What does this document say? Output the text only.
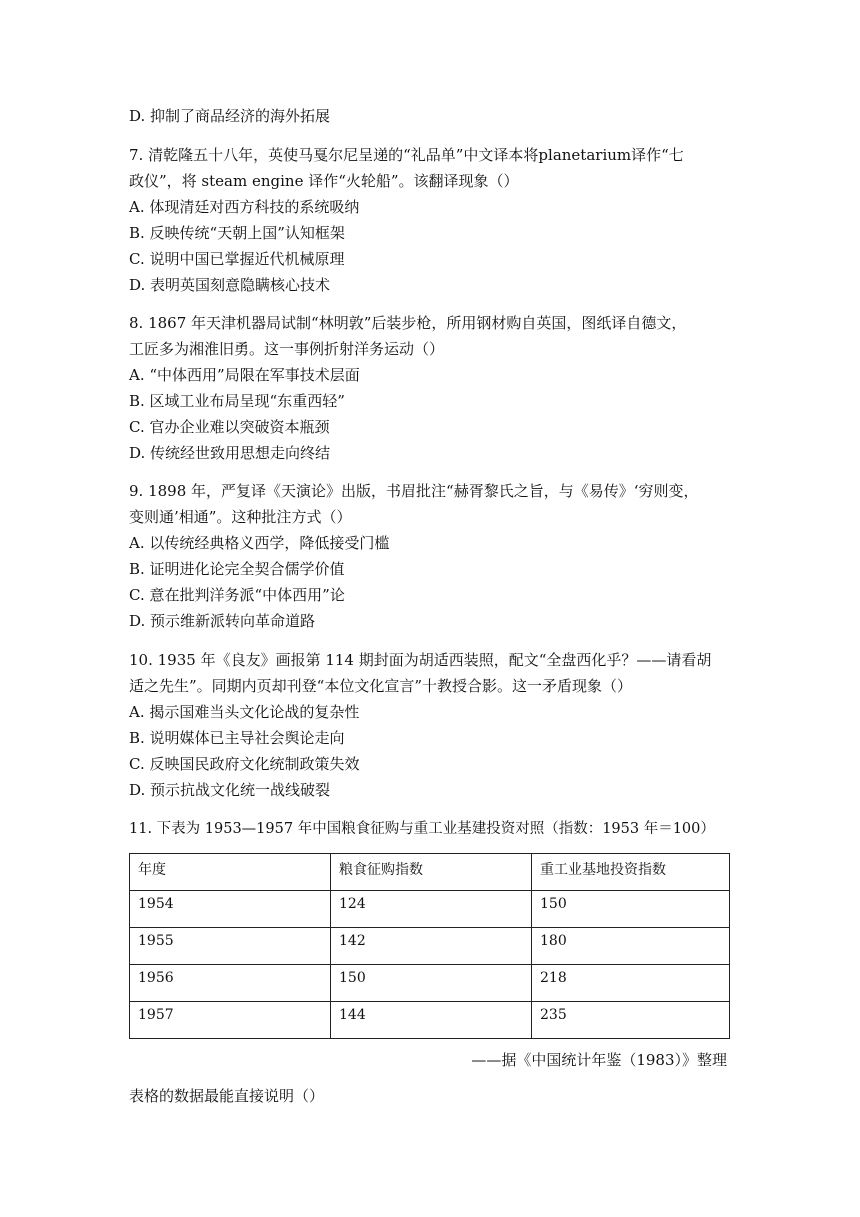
D. 抑制了商品经济的海外拓展
7. 清乾隆五十八年，英使马戛尔尼呈递的“礼品单”中文译本将planetarium译作“七
政仪”，将 steam engine 译作“火轮船”。该翻译现象（）
A. 体现清廷对西方科技的系统吸纳
B. 反映传统“天朝上国”认知框架
C. 说明中国已掌握近代机械原理
D. 表明英国刻意隐瞒核心技术
8. 1867 年天津机器局试制“林明敦”后装步枪，所用钢材购自英国，图纸译自德文，
工匠多为湘淮旧勇。这一事例折射洋务运动（）
A. “中体西用”局限在军事技术层面
B. 区域工业布局呈现“东重西轻”
C. 官办企业难以突破资本瓶颈
D. 传统经世致用思想走向终结
9. 1898 年，严复译《天演论》出版，书眉批注“赫胥黎氏之旨，与《易传》‘穷则变，
变则通’相通”。这种批注方式（）
A. 以传统经典格义西学，降低接受门槛
B. 证明进化论完全契合儒学价值
C. 意在批判洋务派“中体西用”论
D. 预示维新派转向革命道路
10. 1935 年《良友》画报第 114 期封面为胡适西装照，配文“全盘西化乎？——请看胡
适之先生”。同期内页却刊登“本位文化宣言”十教授合影。这一矛盾现象（）
A. 揭示国难当头文化论战的复杂性
B. 说明媒体已主导社会舆论走向
C. 反映国民政府文化统制政策失效
D. 预示抗战文化统一战线破裂
11. 下表为 1953—1957 年中国粮食征购与重工业基建投资对照（指数：1953 年＝100）
年度	粮食征购指数	重工业基地投资指数
1954	124	150
1955	142	180
1956	150	218
1957	144	235
——据《中国统计年鉴（1983）》整理
表格的数据最能直接说明（）
